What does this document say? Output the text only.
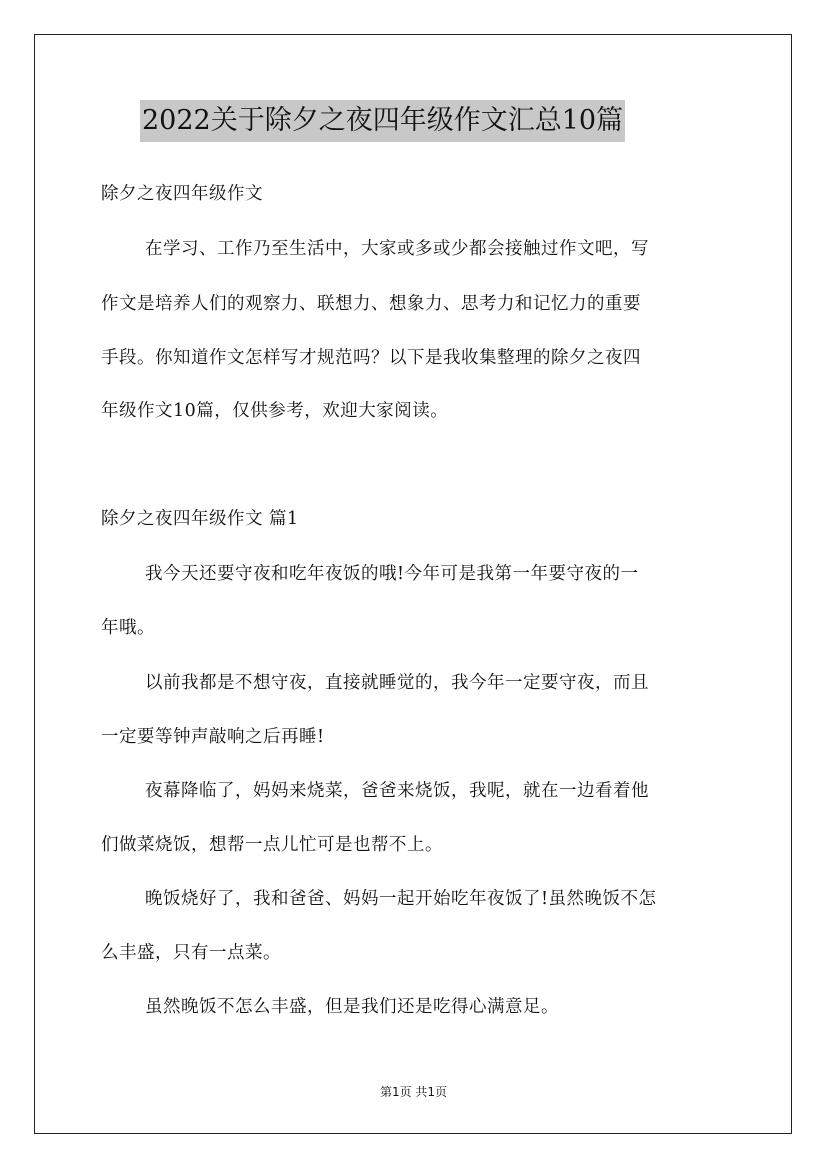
2022关于除夕之夜四年级作文汇总10篇
除夕之夜四年级作文
在学习、工作乃至生活中，大家或多或少都会接触过作文吧，写
作文是培养人们的观察力、联想力、想象力、思考力和记忆力的重要
手段。你知道作文怎样写才规范吗？以下是我收集整理的除夕之夜四
年级作文10篇，仅供参考，欢迎大家阅读。
除夕之夜四年级作文 篇1
我今天还要守夜和吃年夜饭的哦!今年可是我第一年要守夜的一
年哦。
以前我都是不想守夜，直接就睡觉的，我今年一定要守夜，而且
一定要等钟声敲响之后再睡!
夜幕降临了，妈妈来烧菜，爸爸来烧饭，我呢，就在一边看着他
们做菜烧饭，想帮一点儿忙可是也帮不上。
晚饭烧好了，我和爸爸、妈妈一起开始吃年夜饭了!虽然晚饭不怎
么丰盛，只有一点菜。
虽然晚饭不怎么丰盛，但是我们还是吃得心满意足。
第1页 共1页
